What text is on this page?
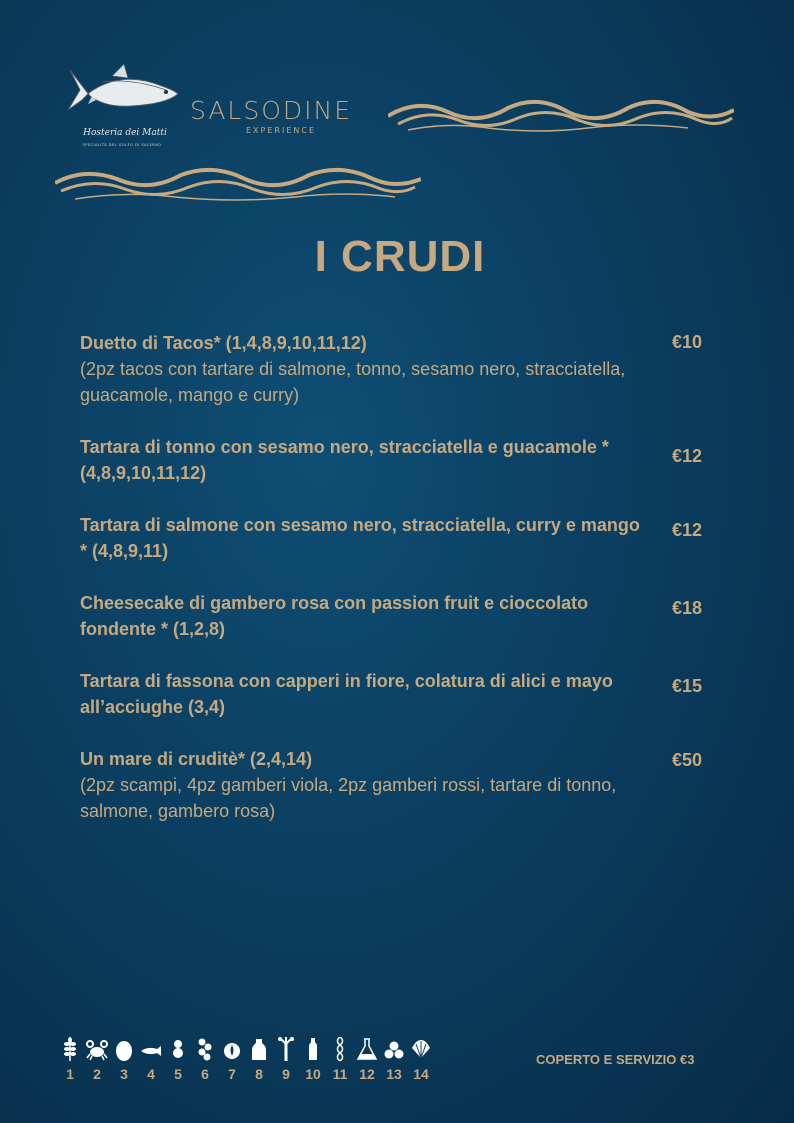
Hosteria dei Matti
SPECIALITÀ DEL GOLFO DI SALERNO
SALSODINE
EXPERIENCE
I CRUDI
Duetto di Tacos* (1,4,8,9,10,11,12)
(2pz tacos con tartare di salmone, tonno, sesamo nero, stracciatella, guacamole, mango e curry)
€10
Tartara di tonno con sesamo nero, stracciatella e guacamole * (4,8,9,10,11,12)
€12
Tartara di salmone con sesamo nero, stracciatella, curry e mango * (4,8,9,11)
€12
Cheesecake di gambero rosa con passion fruit e cioccolato fondente * (1,2,8)
€18
Tartara di fassona con capperi in fiore, colatura di alici e mayo all’acciughe (3,4)
€15
Un mare di cruditè* (2,4,14)
(2pz scampi, 4pz gamberi viola, 2pz gamberi rossi, tartare di tonno, salmone, gambero rosa)
€50
1 2 3 4 5 6 7 8 9 10 11 12 13 14
COPERTO E SERVIZIO €3
